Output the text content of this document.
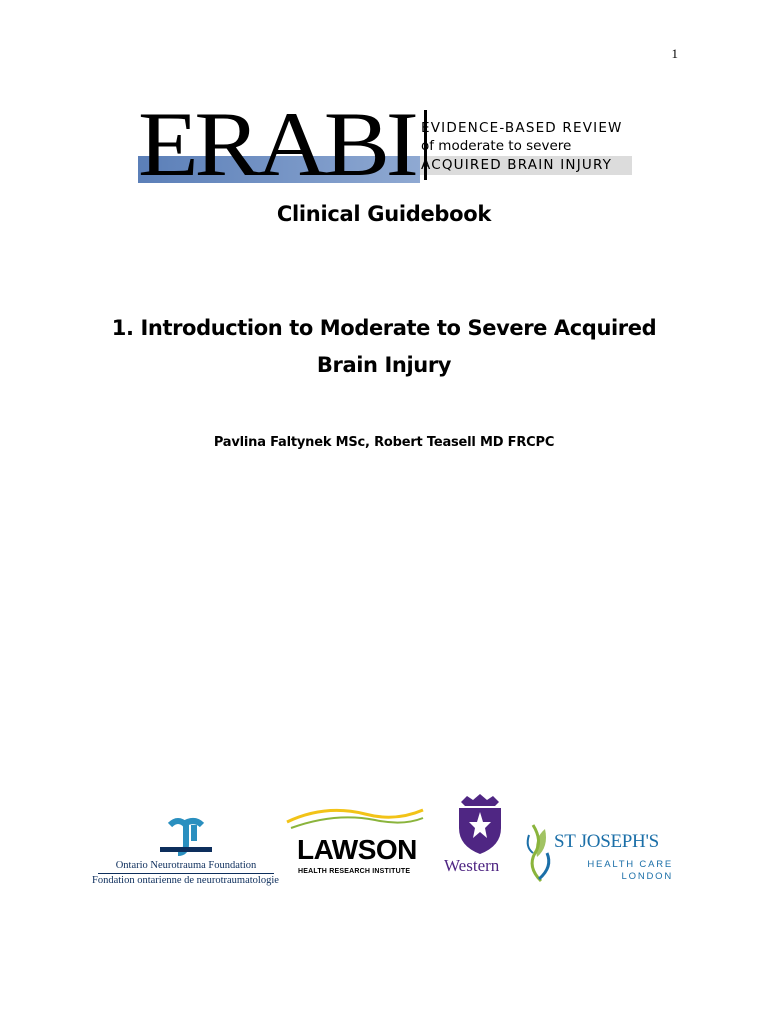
1
ERABI EVIDENCE-BASED REVIEW
of moderate to severe
ACQUIRED BRAIN INJURY
Clinical Guidebook
1. Introduction to Moderate to Severe Acquired Brain Injury
Pavlina Faltynek MSc, Robert Teasell MD FRCPC
Ontario Neurotrauma Foundation
Fondation ontarienne de neurotraumatologie
LAWSON
HEALTH RESEARCH INSTITUTE Western
ST JOSEPH'S
HEALTH CARE
LONDON
